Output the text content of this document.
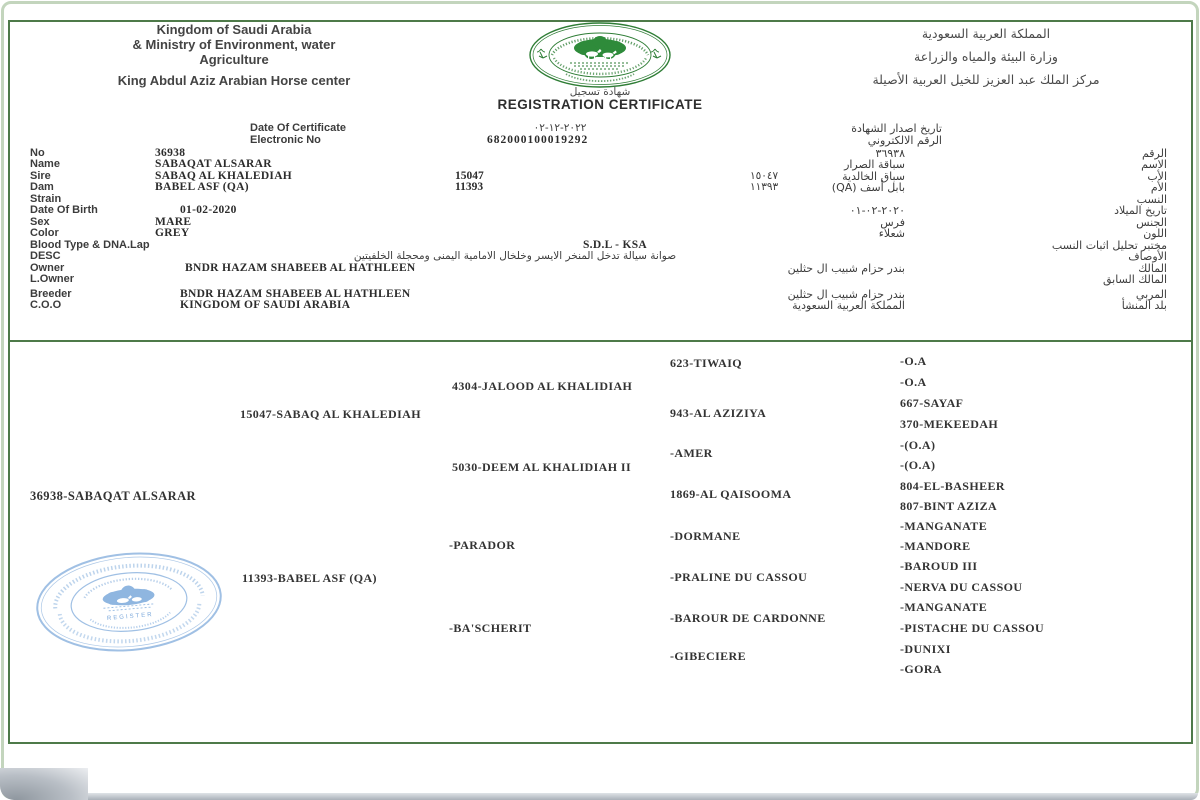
Kingdom of Saudi Arabia
& Ministry of Environment, water
Agriculture
King Abdul Aziz Arabian Horse center
المملكة العربية السعودية
وزارة البيئة والمياه والزراعة
مركز الملك عبد العزيز للخيل العربية الأصيلة
شهادة تسجيل
REGISTRATION CERTIFICATE
Date Of Certificate	٢٠٢٢-١٢-٠٢	تاريخ اصدار الشهادة
Electronic No	682000100019292	الرقم الالكتروني
No	36938	٣٦٩٣٨	الرقم
Name	SABAQAT ALSARAR	سباقة الصرار	الاسم
Sire	SABAQ AL KHALEDIAH	15047	١٥٠٤٧	سباق الخالدية	الأب
Dam	BABEL ASF (QA)	11393	١١٣٩٣	بابل أسف (QA)	الأم
Strain	النسب
Date Of Birth	01-02-2020	٢٠٢٠-٠٢-٠١	تاريخ الميلاد
Sex	MARE	فرس	الجنس
Color	GREY	شعلاء	اللون
Blood Type & DNA.Lap	S.D.L - KSA	مختبر تحليل اثبات النسب
DESC	صوانة سيالة تدخل المنخر الايسر وخلخال الامامية اليمنى ومحجلة الخلفيتين	الأوصاف
Owner	BNDR HAZAM SHABEEB AL HATHLEEN	بندر حزام شبيب ال حثلين	المالك
L.Owner	المالك السابق
Breeder	BNDR HAZAM SHABEEB AL HATHLEEN	بندر حزام شبيب ال حثلين	المربي
C.O.O	KINGDOM OF SAUDI ARABIA	المملكة العربية السعودية	بلد المنشأ
36938-SABAQAT ALSARAR
15047-SABAQ AL KHALEDIAH
11393-BABEL ASF (QA)
4304-JALOOD AL KHALIDIAH
5030-DEEM AL KHALIDIAH II
-PARADOR
-BA'SCHERIT
623-TIWAIQ
943-AL AZIZIYA
-AMER
1869-AL QAISOOMA
-DORMANE
-PRALINE DU CASSOU
-BAROUR DE CARDONNE
-GIBECIERE
-O.A
-O.A
667-SAYAF
370-MEKEEDAH
-(O.A)
-(O.A)
804-EL-BASHEER
807-BINT AZIZA
-MANGANATE
-MANDORE
-BAROUD III
-NERVA DU CASSOU
-MANGANATE
-PISTACHE DU CASSOU
-DUNIXI
-GORA
REGISTER
